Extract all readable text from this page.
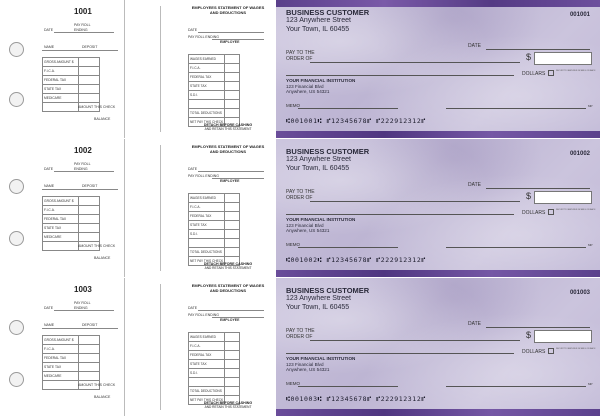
1001
DATE
PAY ROLL
ENDING
NAME	DEPOSIT
GROSS AMOUNT $	
F.I.C.A.	
FEDERAL TAX	
STATE TAX	
MEDICARE	

AMOUNT THIS CHECK
BALANCE
EMPLOYEES STATEMENT OF WAGES AND DEDUCTIONS
DATE
PAY ROLL ENDING
EMPLOYEE
WAGES EARNED	
F.I.C.A.	
FEDERAL TAX	
STATE TAX	
S.D.I.	

TOTAL DEDUCTIONS	
NET PAY THIS CHECK	
DETACH BEFORE CASHING
AND RETAIN THIS STATEMENT
BUSINESS CUSTOMER
123 Anywhere Street
Your Town, IL 60455
001001
DATE
PAY TO THE
ORDER OF	$
DOLLARS	SECURITY FEATURES DETAILS ON BACK
YOUR FINANCIAL INSTITUTION
123 Financial Blvd
Anywhere, US 54321
MEMO	MP
⑆001001⑆ ⑈12345678⑈ ⑈222912312⑈
1002
DATE
PAY ROLL
ENDING
NAME	DEPOSIT
GROSS AMOUNT $	
F.I.C.A.	
FEDERAL TAX	
STATE TAX	
MEDICARE	

AMOUNT THIS CHECK
BALANCE
EMPLOYEES STATEMENT OF WAGES AND DEDUCTIONS
DATE
PAY ROLL ENDING
EMPLOYEE
WAGES EARNED	
F.I.C.A.	
FEDERAL TAX	
STATE TAX	
S.D.I.	

TOTAL DEDUCTIONS	
NET PAY THIS CHECK	
DETACH BEFORE CASHING
AND RETAIN THIS STATEMENT
BUSINESS CUSTOMER
123 Anywhere Street
Your Town, IL 60455
001002
DATE
PAY TO THE
ORDER OF	$
DOLLARS	SECURITY FEATURES DETAILS ON BACK
YOUR FINANCIAL INSTITUTION
123 Financial Blvd
Anywhere, US 54321
MEMO	MP
⑆001002⑆ ⑈12345678⑈ ⑈222912312⑈
1003
DATE
PAY ROLL
ENDING
NAME	DEPOSIT
GROSS AMOUNT $	
F.I.C.A.	
FEDERAL TAX	
STATE TAX	
MEDICARE	

AMOUNT THIS CHECK
BALANCE
EMPLOYEES STATEMENT OF WAGES AND DEDUCTIONS
DATE
PAY ROLL ENDING
EMPLOYEE
WAGES EARNED	
F.I.C.A.	
FEDERAL TAX	
STATE TAX	
S.D.I.	

TOTAL DEDUCTIONS	
NET PAY THIS CHECK	
DETACH BEFORE CASHING
AND RETAIN THIS STATEMENT
BUSINESS CUSTOMER
123 Anywhere Street
Your Town, IL 60455
001003
DATE
PAY TO THE
ORDER OF	$
DOLLARS	SECURITY FEATURES DETAILS ON BACK
YOUR FINANCIAL INSTITUTION
123 Financial Blvd
Anywhere, US 54321
MEMO	MP
⑆001003⑆ ⑈12345678⑈ ⑈222912312⑈
